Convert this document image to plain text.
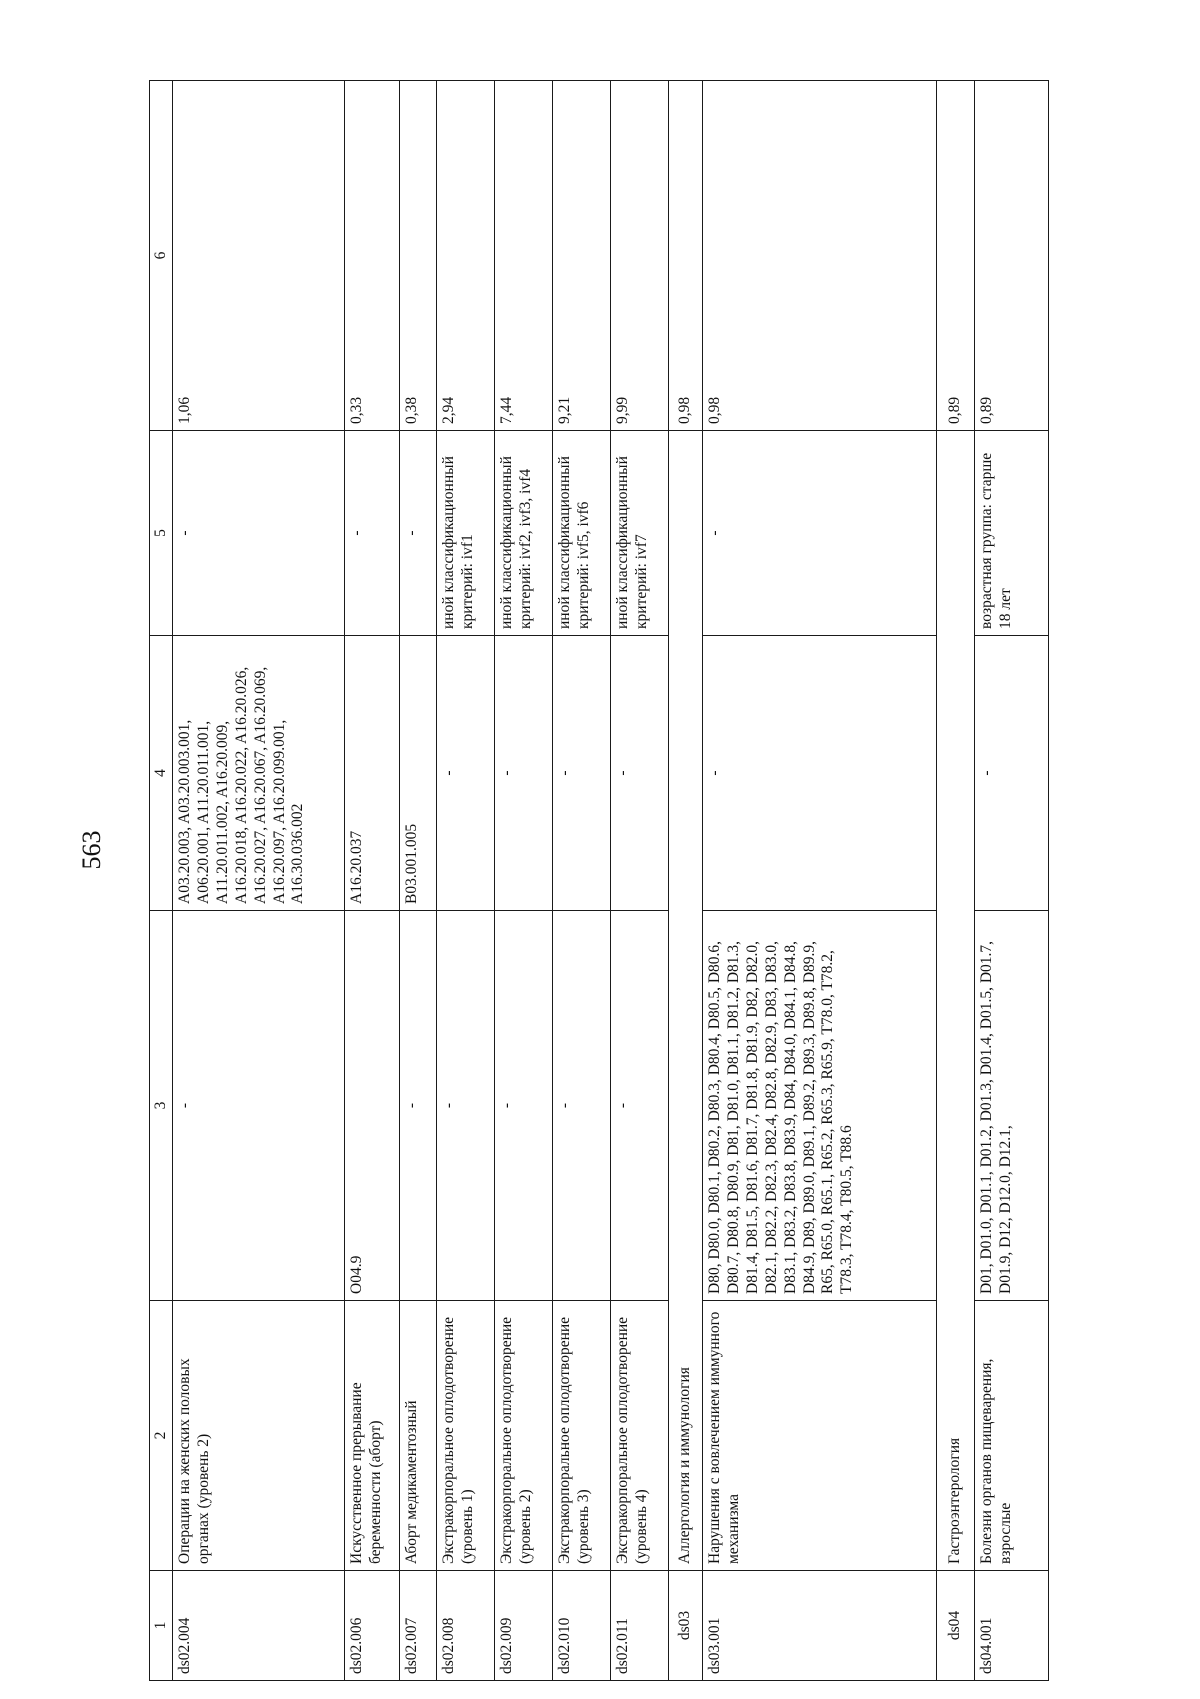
563
1	2	3	4	5	6
ds02.004	Операции на женских половых органах (уровень 2)	-	A03.20.003, A03.20.003.001, A06.20.001, A11.20.011.001, A11.20.011.002, A16.20.009, A16.20.018, A16.20.022, A16.20.026, A16.20.027, A16.20.067, A16.20.069, A16.20.097, A16.20.099.001, A16.30.036.002	-	1,06
ds02.006	Искусственное прерывание беременности (аборт)	O04.9	A16.20.037	-	0,33
ds02.007	Аборт медикаментозный	-	B03.001.005	-	0,38
ds02.008	Экстракорпоральное оплодотворение (уровень 1)	-	-	иной классификационный критерий: ivf1	2,94
ds02.009	Экстракорпоральное оплодотворение (уровень 2)	-	-	иной классификационный критерий: ivf2, ivf3, ivf4	7,44
ds02.010	Экстракорпоральное оплодотворение (уровень 3)	-	-	иной классификационный критерий: ivf5, ivf6	9,21
ds02.011	Экстракорпоральное оплодотворение (уровень 4)	-	-	иной классификационный критерий: ivf7	9,99
ds03	Аллергология и иммунология				0,98
ds03.001	Нарушения с вовлечением иммунного механизма	D80, D80.0, D80.1, D80.2, D80.3, D80.4, D80.5, D80.6, D80.7, D80.8, D80.9, D81, D81.0, D81.1, D81.2, D81.3, D81.4, D81.5, D81.6, D81.7, D81.8, D81.9, D82, D82.0, D82.1, D82.2, D82.3, D82.4, D82.8, D82.9, D83, D83.0, D83.1, D83.2, D83.8, D83.9, D84, D84.0, D84.1, D84.8, D84.9, D89, D89.0, D89.1, D89.2, D89.3, D89.8, D89.9, R65, R65.0, R65.1, R65.2, R65.3, R65.9, T78.0, T78.2, T78.3, T78.4, T80.5, T88.6	-	-	0,98
ds04	Гастроэнтерология				0,89
ds04.001	Болезни органов пищеварения, взрослые	D01, D01.0, D01.1, D01.2, D01.3, D01.4, D01.5, D01.7, D01.9, D12, D12.0, D12.1,	-	возрастная группа: старше 18 лет	0,89
